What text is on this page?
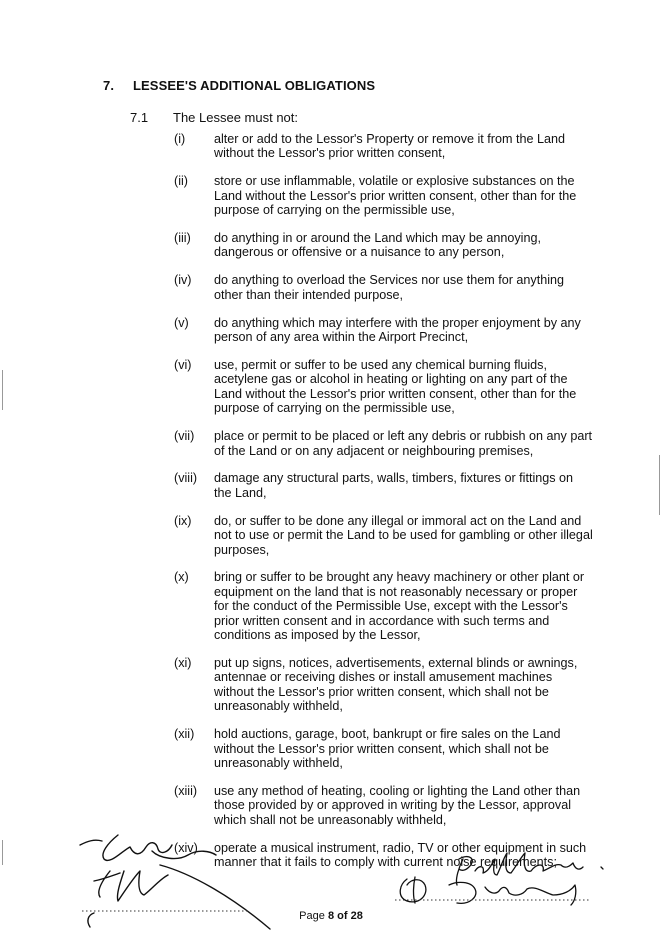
7. LESSEE'S ADDITIONAL OBLIGATIONS
7.1 The Lessee must not:
(i)	alter or add to the Lessor's Property or remove it from the Land without the Lessor's prior written consent,
(ii)	store or use inflammable, volatile or explosive substances on the Land without the Lessor's prior written consent, other than for the purpose of carrying on the permissible use,
(iii)	do anything in or around the Land which may be annoying, dangerous or offensive or a nuisance to any person,
(iv)	do anything to overload the Services nor use them for anything other than their intended purpose,
(v)	do anything which may interfere with the proper enjoyment by any person of any area within the Airport Precinct,
(vi)	use, permit or suffer to be used any chemical burning fluids, acetylene gas or alcohol in heating or lighting on any part of the Land without the Lessor's prior written consent, other than for the purpose of carrying on the permissible use,
(vii)	place or permit to be placed or left any debris or rubbish on any part of the Land or on any adjacent or neighbouring premises,
(viii)	damage any structural parts, walls, timbers, fixtures or fittings on the Land,
(ix)	do, or suffer to be done any illegal or immoral act on the Land and not to use or permit the Land to be used for gambling or other illegal purposes,
(x)	bring or suffer to be brought any heavy machinery or other plant or equipment on the land that is not reasonably necessary or proper for the conduct of the Permissible Use, except with the Lessor's prior written consent and in accordance with such terms and conditions as imposed by the Lessor,
(xi)	put up signs, notices, advertisements, external blinds or awnings, antennae or receiving dishes or install amusement machines without the Lessor's prior written consent, which shall not be unreasonably withheld,
(xii)	hold auctions, garage, boot, bankrupt or fire sales on the Land without the Lessor's prior written consent, which shall not be unreasonably withheld,
(xiii)	use any method of heating, cooling or lighting the Land other than those provided by or approved in writing by the Lessor, approval which shall not be unreasonably withheld,
(xiv)	operate a musical instrument, radio, TV or other equipment in such manner that it fails to comply with current noise requirements;
Page 8 of 28
